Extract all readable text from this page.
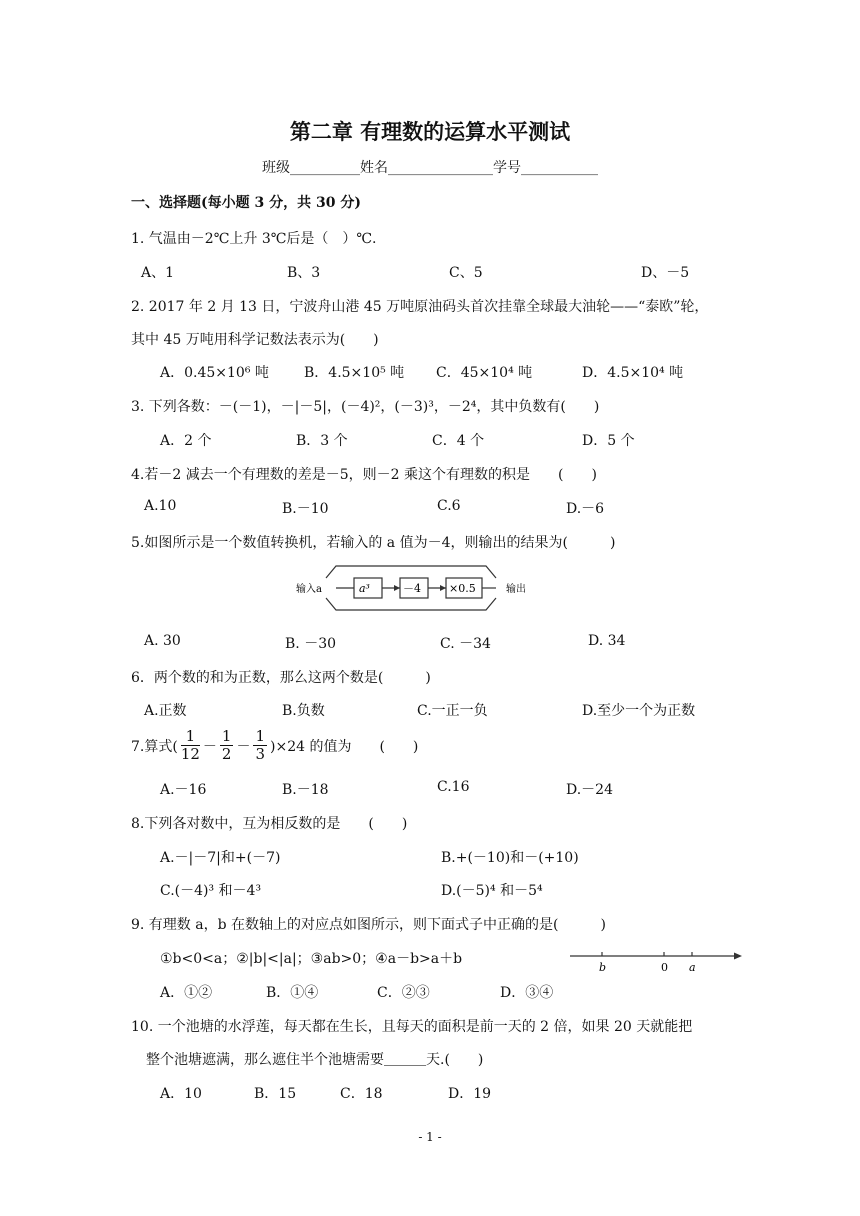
第二章 有理数的运算水平测试
班级__________姓名_______________学号___________
一、选择题(每小题 3 分，共 30 分)
1. 气温由－2℃上升 3℃后是（　）℃.
A、1	B、3	C、5	D、－5
2. 2017 年 2 月 13 日，宁波舟山港 45 万吨原油码头首次挂靠全球最大油轮——“泰欧”轮，
其中 45 万吨用科学记数法表示为(　　)
A．0.45×10⁶ 吨	B．4.5×10⁵ 吨 C．45×10⁴ 吨	D．4.5×10⁴ 吨
3. 下列各数：－(－1)，－|－5|，(－4)²，(－3)³，－2⁴，其中负数有(　　)
A．2 个	B．3 个	C．4 个	D．5 个
4.若－2 减去一个有理数的差是－5，则－2 乘这个有理数的积是　　(　　)
A.10	B.－10	C.6	D.－6
5.如图所示是一个数值转换机，若输入的 a 值为－4，则输出的结果为(　　　)
输入a	a³	－4	×0.5	输出
A. 30	B. －30	C. －34	D. 34
6．两个数的和为正数，那么这两个数是(　　　)
A.正数	B.负数	C.一正一负	D.至少一个为正数
7.算式( $\frac{1}{12} - \frac{1}{2} - \frac{1}{3} )\times 24$ 的值为　　(　　)
A.－16	B.－18	C.16	D.－24
8.下列各对数中，互为相反数的是　　(　　)
A.－|－7|和+(－7)	B.+(－10)和－(+10)
C.(－4)³ 和－4³	D.(－5)⁴ 和－5⁴
9. 有理数 a，b 在数轴上的对应点如图所示，则下面式子中正确的是(　　　)
①b<0<a；②|b|<|a|；③ab>0；④a－b>a＋b
b	0 a
A．①②	B．①④	C．②③	D．③④
10. 一个池塘的水浮莲，每天都在生长，且每天的面积是前一天的 2 倍，如果 20 天就能把
整个池塘遮满，那么遮住半个池塘需要＿＿＿天.(　　)
A．10	B．15	C．18	D．19
- 1 -
